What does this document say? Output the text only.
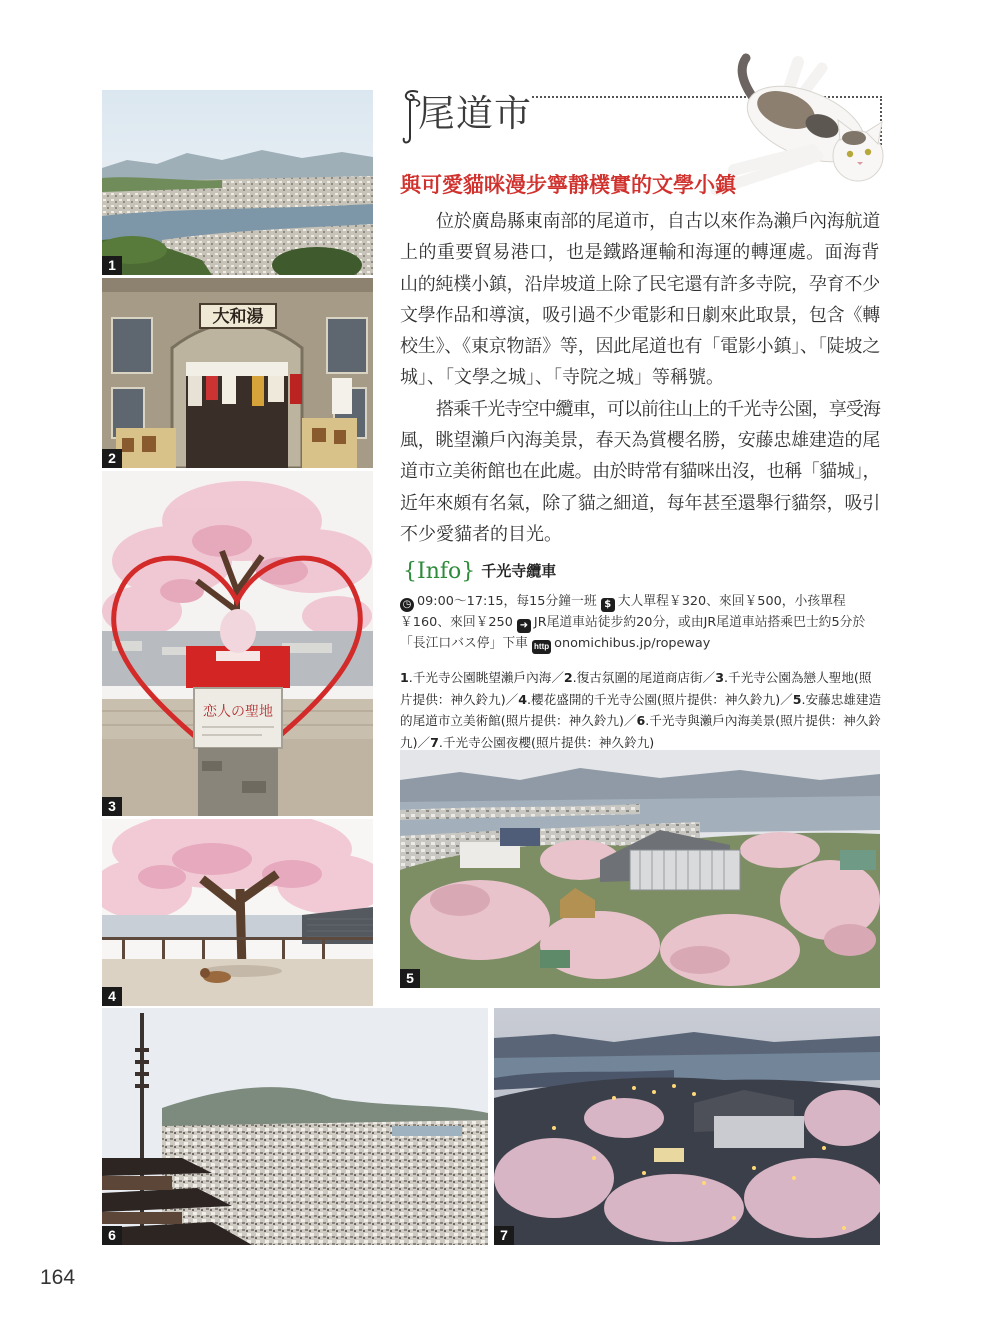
1
大和湯
2
恋人の聖地
3
4
尾道市
與可愛貓咪漫步寧靜樸實的文學小鎮
位於廣島縣東南部的尾道市，自古以來作為瀨戶內海航道
上的重要貿易港口，也是鐵路運輸和海運的轉運處。面海背
山的純樸小鎮，沿岸坡道上除了民宅還有許多寺院，孕育不少
文學作品和導演，吸引過不少電影和日劇來此取景，包含《轉
校生》、《東京物語》等，因此尾道也有「電影小鎮」、「陡坡之
城」、「文學之城」、「寺院之城」等稱號。
搭乘千光寺空中纜車，可以前往山上的千光寺公園，享受海
風，眺望瀨戶內海美景，春天為賞櫻名勝，安藤忠雄建造的尾
道市立美術館也在此處。由於時常有貓咪出沒，也稱「貓城」，
近年來頗有名氣，除了貓之細道，每年甚至還舉行貓祭，吸引
不少愛貓者的目光。
{Info} 千光寺纜車
◷ 09:00～17:15，每15分鐘一班 $ 大人單程￥320、來回￥500，小孩單程￥160、來回￥250 ➜ JR尾道車站徒步約20分，或由JR尾道車站搭乘巴士約5分於「長江口バス停」下車 http onomichibus.jp/ropeway
1.千光寺公園眺望瀨戶內海／2.復古氛圍的尾道商店街／3.千光寺公園為戀人聖地(照片提供：神久鈴九)／4.櫻花盛開的千光寺公園(照片提供：神久鈴九)／5.安藤忠雄建造的尾道市立美術館(照片提供：神久鈴九)／6.千光寺與瀨戶內海美景(照片提供：神久鈴九)／7.千光寺公園夜櫻(照片提供：神久鈴九)
5
6	7
164
